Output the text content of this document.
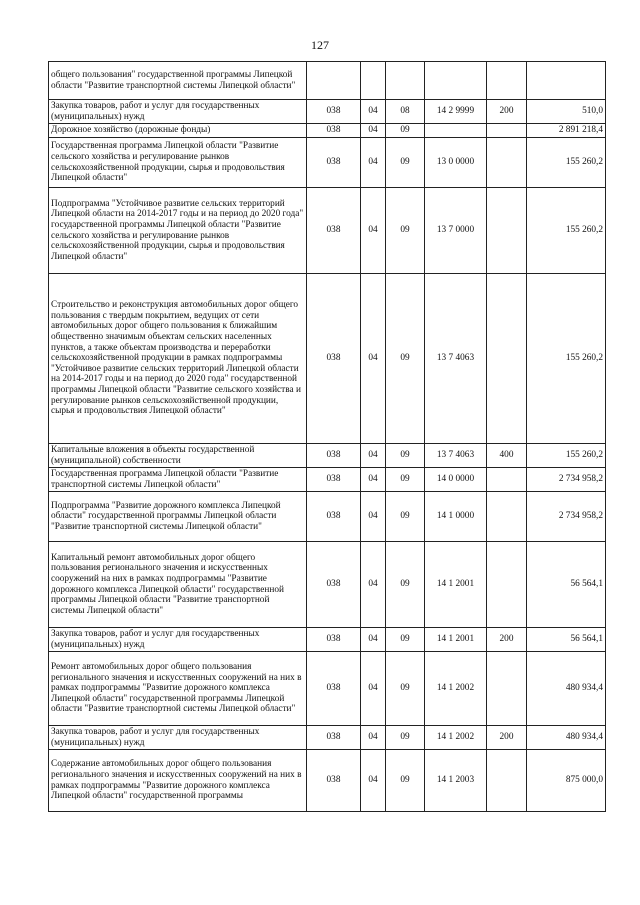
127
общего пользования" государственной программы Липецкой области "Развитие транспортной системы Липецкой области"						
Закупка товаров, работ и услуг для государственных (муниципальных) нужд	038	04	08	14 2 9999	200	510,0
Дорожное хозяйство (дорожные фонды)	038	04	09			2 891 218,4
Государственная программа Липецкой области "Развитие сельского хозяйства и регулирование рынков сельскохозяйственной продукции, сырья и продовольствия Липецкой области"	038	04	09	13 0 0000		155 260,2
Подпрограмма "Устойчивое развитие сельских территорий Липецкой области на 2014-2017 годы и на период до 2020 года" государственной программы Липецкой области "Развитие сельского хозяйства и регулирование рынков сельскохозяйственной продукции, сырья и продовольствия Липецкой области"	038	04	09	13 7 0000		155 260,2
Строительство и реконструкция автомобильных дорог общего пользования с твердым покрытием, ведущих от сети автомобильных дорог общего пользования к ближайшим общественно значимым объектам сельских населенных пунктов, а также объектам производства и переработки сельскохозяйственной продукции в рамках подпрограммы "Устойчивое развитие сельских территорий Липецкой области на 2014-2017 годы и на период до 2020 года" государственной программы Липецкой области "Развитие сельского хозяйства и регулирование рынков сельскохозяйственной продукции, сырья и продовольствия Липецкой области"	038	04	09	13 7 4063		155 260,2
Капитальные вложения в объекты государственной (муниципальной) собственности	038	04	09	13 7 4063	400	155 260,2
Государственная программа Липецкой области "Развитие транспортной системы Липецкой области"	038	04	09	14 0 0000		2 734 958,2
Подпрограмма "Развитие дорожного комплекса Липецкой области" государственной программы Липецкой области "Развитие транспортной системы Липецкой области"	038	04	09	14 1 0000		2 734 958,2
Капитальный ремонт автомобильных дорог общего пользования регионального значения и искусственных сооружений на них в рамках подпрограммы "Развитие дорожного комплекса Липецкой области" государственной программы Липецкой области "Развитие транспортной системы Липецкой области"	038	04	09	14 1 2001		56 564,1
Закупка товаров, работ и услуг для государственных (муниципальных) нужд	038	04	09	14 1 2001	200	56 564,1
Ремонт автомобильных дорог общего пользования регионального значения и искусственных сооружений на них в рамках подпрограммы "Развитие дорожного комплекса Липецкой области" государственной программы Липецкой области "Развитие транспортной системы Липецкой области"	038	04	09	14 1 2002		480 934,4
Закупка товаров, работ и услуг для государственных (муниципальных) нужд	038	04	09	14 1 2002	200	480 934,4
Содержание автомобильных дорог общего пользования регионального значения и искусственных сооружений на них в рамках подпрограммы "Развитие дорожного комплекса Липецкой области" государственной программы	038	04	09	14 1 2003		875 000,0
